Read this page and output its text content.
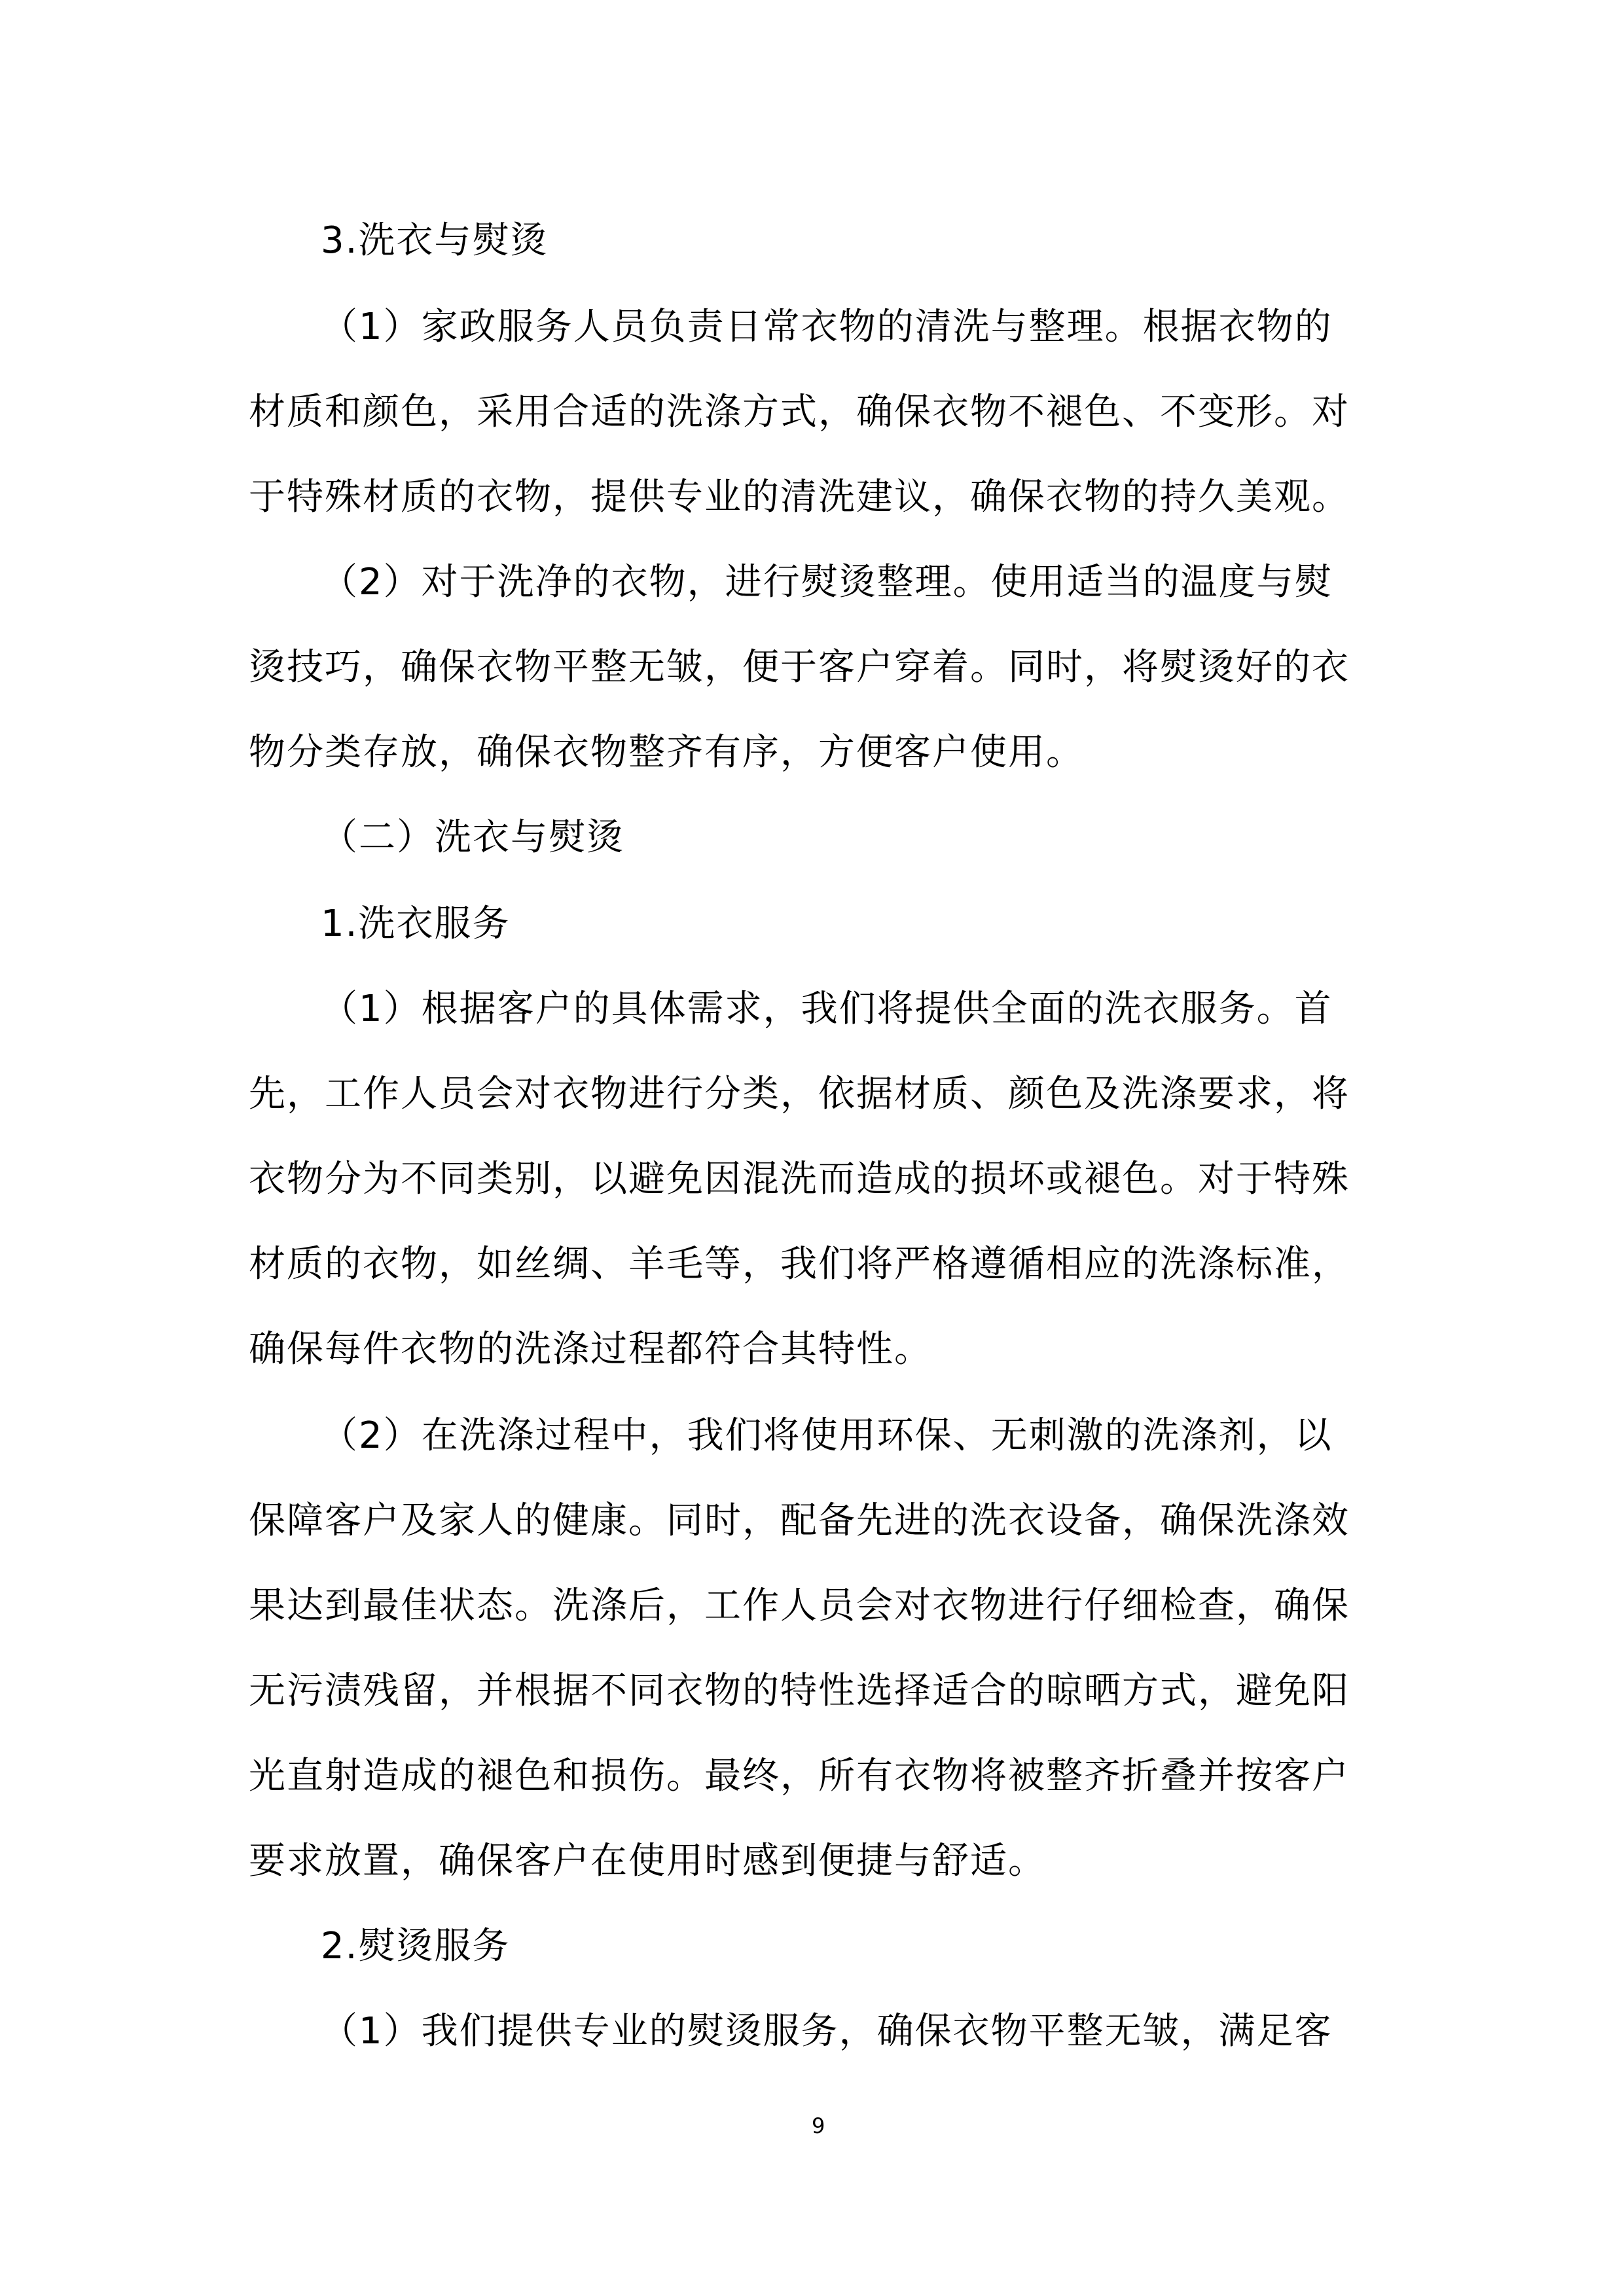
3.洗衣与熨烫
（1）家政服务人员负责日常衣物的清洗与整理。根据衣物的
材质和颜色，采用合适的洗涤方式，确保衣物不褪色、不变形。对
于特殊材质的衣物，提供专业的清洗建议，确保衣物的持久美观。
（2）对于洗净的衣物，进行熨烫整理。使用适当的温度与熨
烫技巧，确保衣物平整无皱，便于客户穿着。同时，将熨烫好的衣
物分类存放，确保衣物整齐有序，方便客户使用。
（二）洗衣与熨烫
1.洗衣服务
（1）根据客户的具体需求，我们将提供全面的洗衣服务。首
先，工作人员会对衣物进行分类，依据材质、颜色及洗涤要求，将
衣物分为不同类别，以避免因混洗而造成的损坏或褪色。对于特殊
材质的衣物，如丝绸、羊毛等，我们将严格遵循相应的洗涤标准，
确保每件衣物的洗涤过程都符合其特性。
（2）在洗涤过程中，我们将使用环保、无刺激的洗涤剂，以
保障客户及家人的健康。同时，配备先进的洗衣设备，确保洗涤效
果达到最佳状态。洗涤后，工作人员会对衣物进行仔细检查，确保
无污渍残留，并根据不同衣物的特性选择适合的晾晒方式，避免阳
光直射造成的褪色和损伤。最终，所有衣物将被整齐折叠并按客户
要求放置，确保客户在使用时感到便捷与舒适。
2.熨烫服务
（1）我们提供专业的熨烫服务，确保衣物平整无皱，满足客
9
